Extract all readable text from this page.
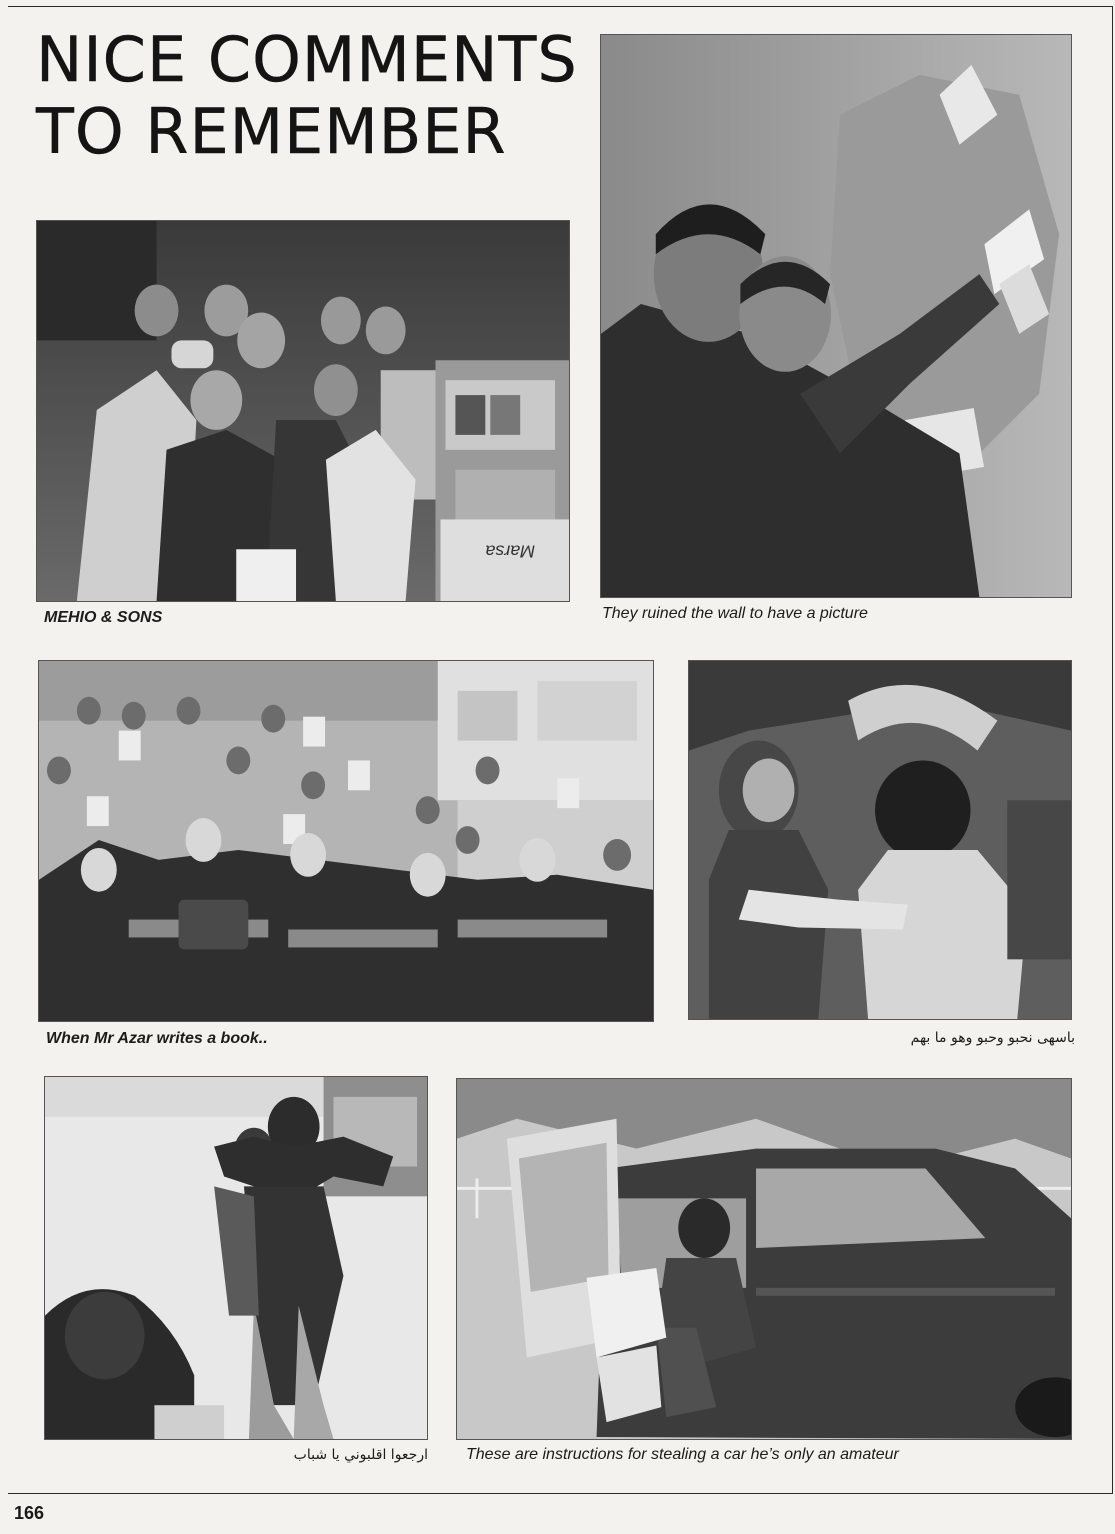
NICE COMMENTS
TO REMEMBER
Marsa
MEHIO & SONS	They ruined the wall to have a picture
When Mr Azar writes a book..	باسهى نحبو وحبو وهو ما بهم
ارجعوا اقلبوني يا شباب These are instructions for stealing a car he’s only an amateur
166
